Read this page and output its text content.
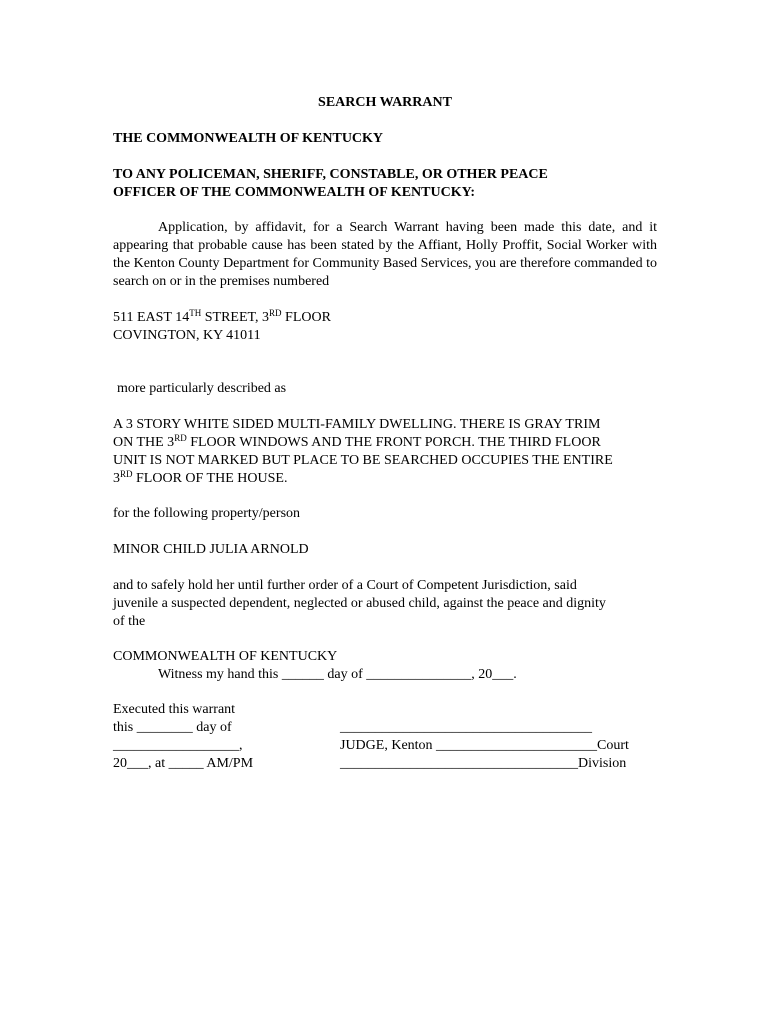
SEARCH WARRANT
THE COMMONWEALTH OF KENTUCKY
TO ANY POLICEMAN, SHERIFF, CONSTABLE, OR OTHER PEACE
OFFICER OF THE COMMONWEALTH OF KENTUCKY:

Application, by affidavit, for a Search Warrant having been made this date, and it appearing that probable cause has been stated by the Affiant, Holly Proffit, Social Worker with the Kenton County Department for Community Based Services, you are therefore commanded to search on or in the premises numbered

511 EAST 14TH STREET, 3RD FLOOR
COVINGTON, KY 41011
more particularly described as
A 3 STORY WHITE SIDED MULTI-FAMILY DWELLING. THERE IS GRAY TRIM
ON THE 3RD FLOOR WINDOWS AND THE FRONT PORCH. THE THIRD FLOOR
UNIT IS NOT MARKED BUT PLACE TO BE SEARCHED OCCUPIES THE ENTIRE
3RD FLOOR OF THE HOUSE.
for the following property/person
MINOR CHILD JULIA ARNOLD
and to safely hold her until further order of a Court of Competent Jurisdiction, said
juvenile a suspected dependent, neglected or abused child, against the peace and dignity
of the
COMMONWEALTH OF KENTUCKY
Witness my hand this ______ day of _______________, 20___.
Executed this warrant
this ________ day of
__________________,
20___, at _____ AM/PM
____________________________________
JUDGE, Kenton _______________________Court
__________________________________Division
